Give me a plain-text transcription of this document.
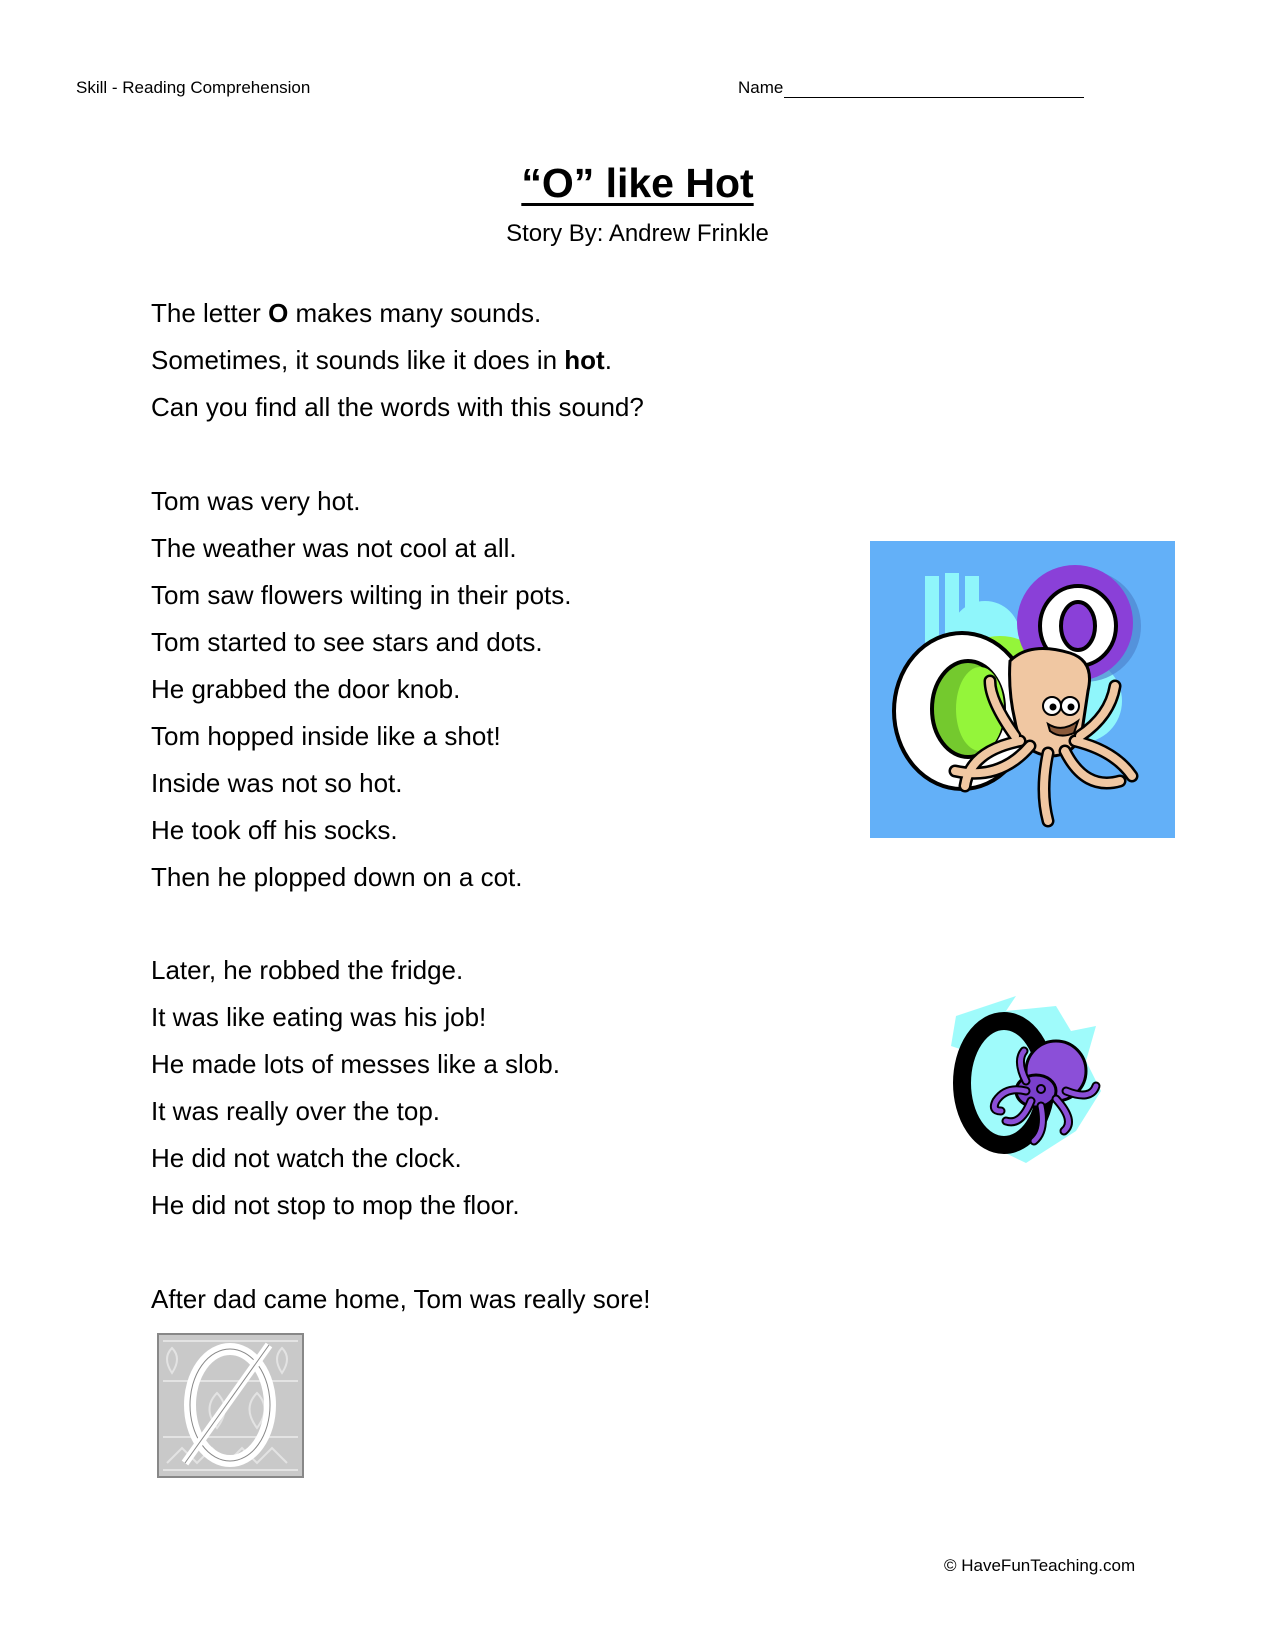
Skill - Reading Comprehension	Name
“O” like Hot
Story By: Andrew Frinkle
The letter O makes many sounds.
Sometimes, it sounds like it does in hot.
Can you find all the words with this sound?
Tom was very hot.
The weather was not cool at all.
Tom saw flowers wilting in their pots.
Tom started to see stars and dots.
He grabbed the door knob.
Tom hopped inside like a shot!
Inside was not so hot.
He took off his socks.
Then he plopped down on a cot.
Later, he robbed the fridge.
It was like eating was his job!
He made lots of messes like a slob.
It was really over the top.
He did not watch the clock.
He did not stop to mop the floor.
After dad came home, Tom was really sore!
© HaveFunTeaching.com
